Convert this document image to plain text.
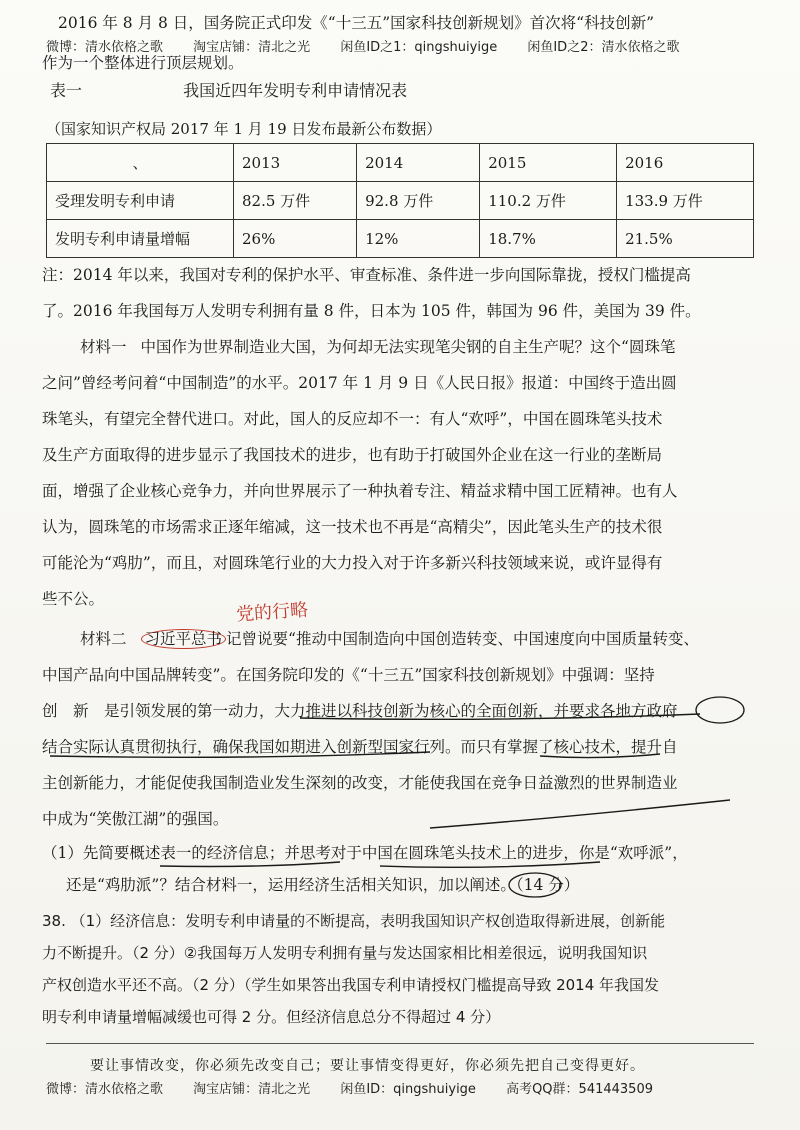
2016 年 8 月 8 日，国务院正式印发《“十三五”国家科技创新规划》首次将“科技创新”
微博：清水依格之歌 淘宝店铺：清北之光 闲鱼ID之1：qingshuiyige 闲鱼ID之2：清水依格之歌
作为一个整体进行顶层规划。
表一	我国近四年发明专利申请情况表
（国家知识产权局 2017 年 1 月 19 日发布最新公布数据）
、	2013	2014	2015	2016
受理发明专利申请	82.5 万件	92.8 万件	110.2 万件	133.9 万件
发明专利申请量增幅	26%	12%	18.7%	21.5%
注：2014 年以来，我国对专利的保护水平、审查标准、条件进一步向国际靠拢，授权门槛提高
了。2016 年我国每万人发明专利拥有量 8 件，日本为 105 件，韩国为 96 件，美国为 39 件。
材料一 中国作为世界制造业大国，为何却无法实现笔尖钢的自主生产呢？这个“圆珠笔
之问”曾经考问着“中国制造”的水平。2017 年 1 月 9 日《人民日报》报道：中国终于造出圆
珠笔头，有望完全替代进口。对此，国人的反应却不一：有人“欢呼”，中国在圆珠笔头技术
及生产方面取得的进步显示了我国技术的进步，也有助于打破国外企业在这一行业的垄断局
面，增强了企业核心竞争力，并向世界展示了一种执着专注、精益求精中国工匠精神。也有人
认为，圆珠笔的市场需求正逐年缩减，这一技术也不再是“高精尖”，因此笔头生产的技术很
可能沦为“鸡肋”，而且，对圆珠笔行业的大力投入对于许多新兴科技领域来说，或许显得有
些不公。
党的行略
材料二 习近平总书 记曾说要“推动中国制造向中国创造转变、中国速度向中国质量转变、
中国产品向中国品牌转变”。在国务院印发的《“十三五”国家科技创新规划》中强调：坚持
创　新　是引领发展的第一动力，大力推进以科技创新为核心的全面创新，并要求各地方政府
结合实际认真贯彻执行，确保我国如期进入创新型国家行列。而只有掌握了核心技术，提升自
主创新能力，才能促使我国制造业发生深刻的改变，才能使我国在竞争日益激烈的世界制造业
中成为“笑傲江湖”的强国。
（1）先简要概述表一的经济信息；并思考对于中国在圆珠笔头技术上的进步，你是“欢呼派”，
还是“鸡肋派”？结合材料一，运用经济生活相关知识，加以阐述。（14 分）
38. （1）经济信息：发明专利申请量的不断提高，表明我国知识产权创造取得新进展，创新能
力不断提升。（2 分）②我国每万人发明专利拥有量与发达国家相比相差很远，说明我国知识
产权创造水平还不高。（2 分）（学生如果答出我国专利申请授权门槛提高导致 2014 年我国发
明专利申请量增幅减缓也可得 2 分。但经济信息总分不得超过 4 分）
要让事情改变，你必须先改变自己；要让事情变得更好，你必须先把自己变得更好。
微博：清水依格之歌 淘宝店铺：清北之光 闲鱼ID：qingshuiyige 高考QQ群：541443509
